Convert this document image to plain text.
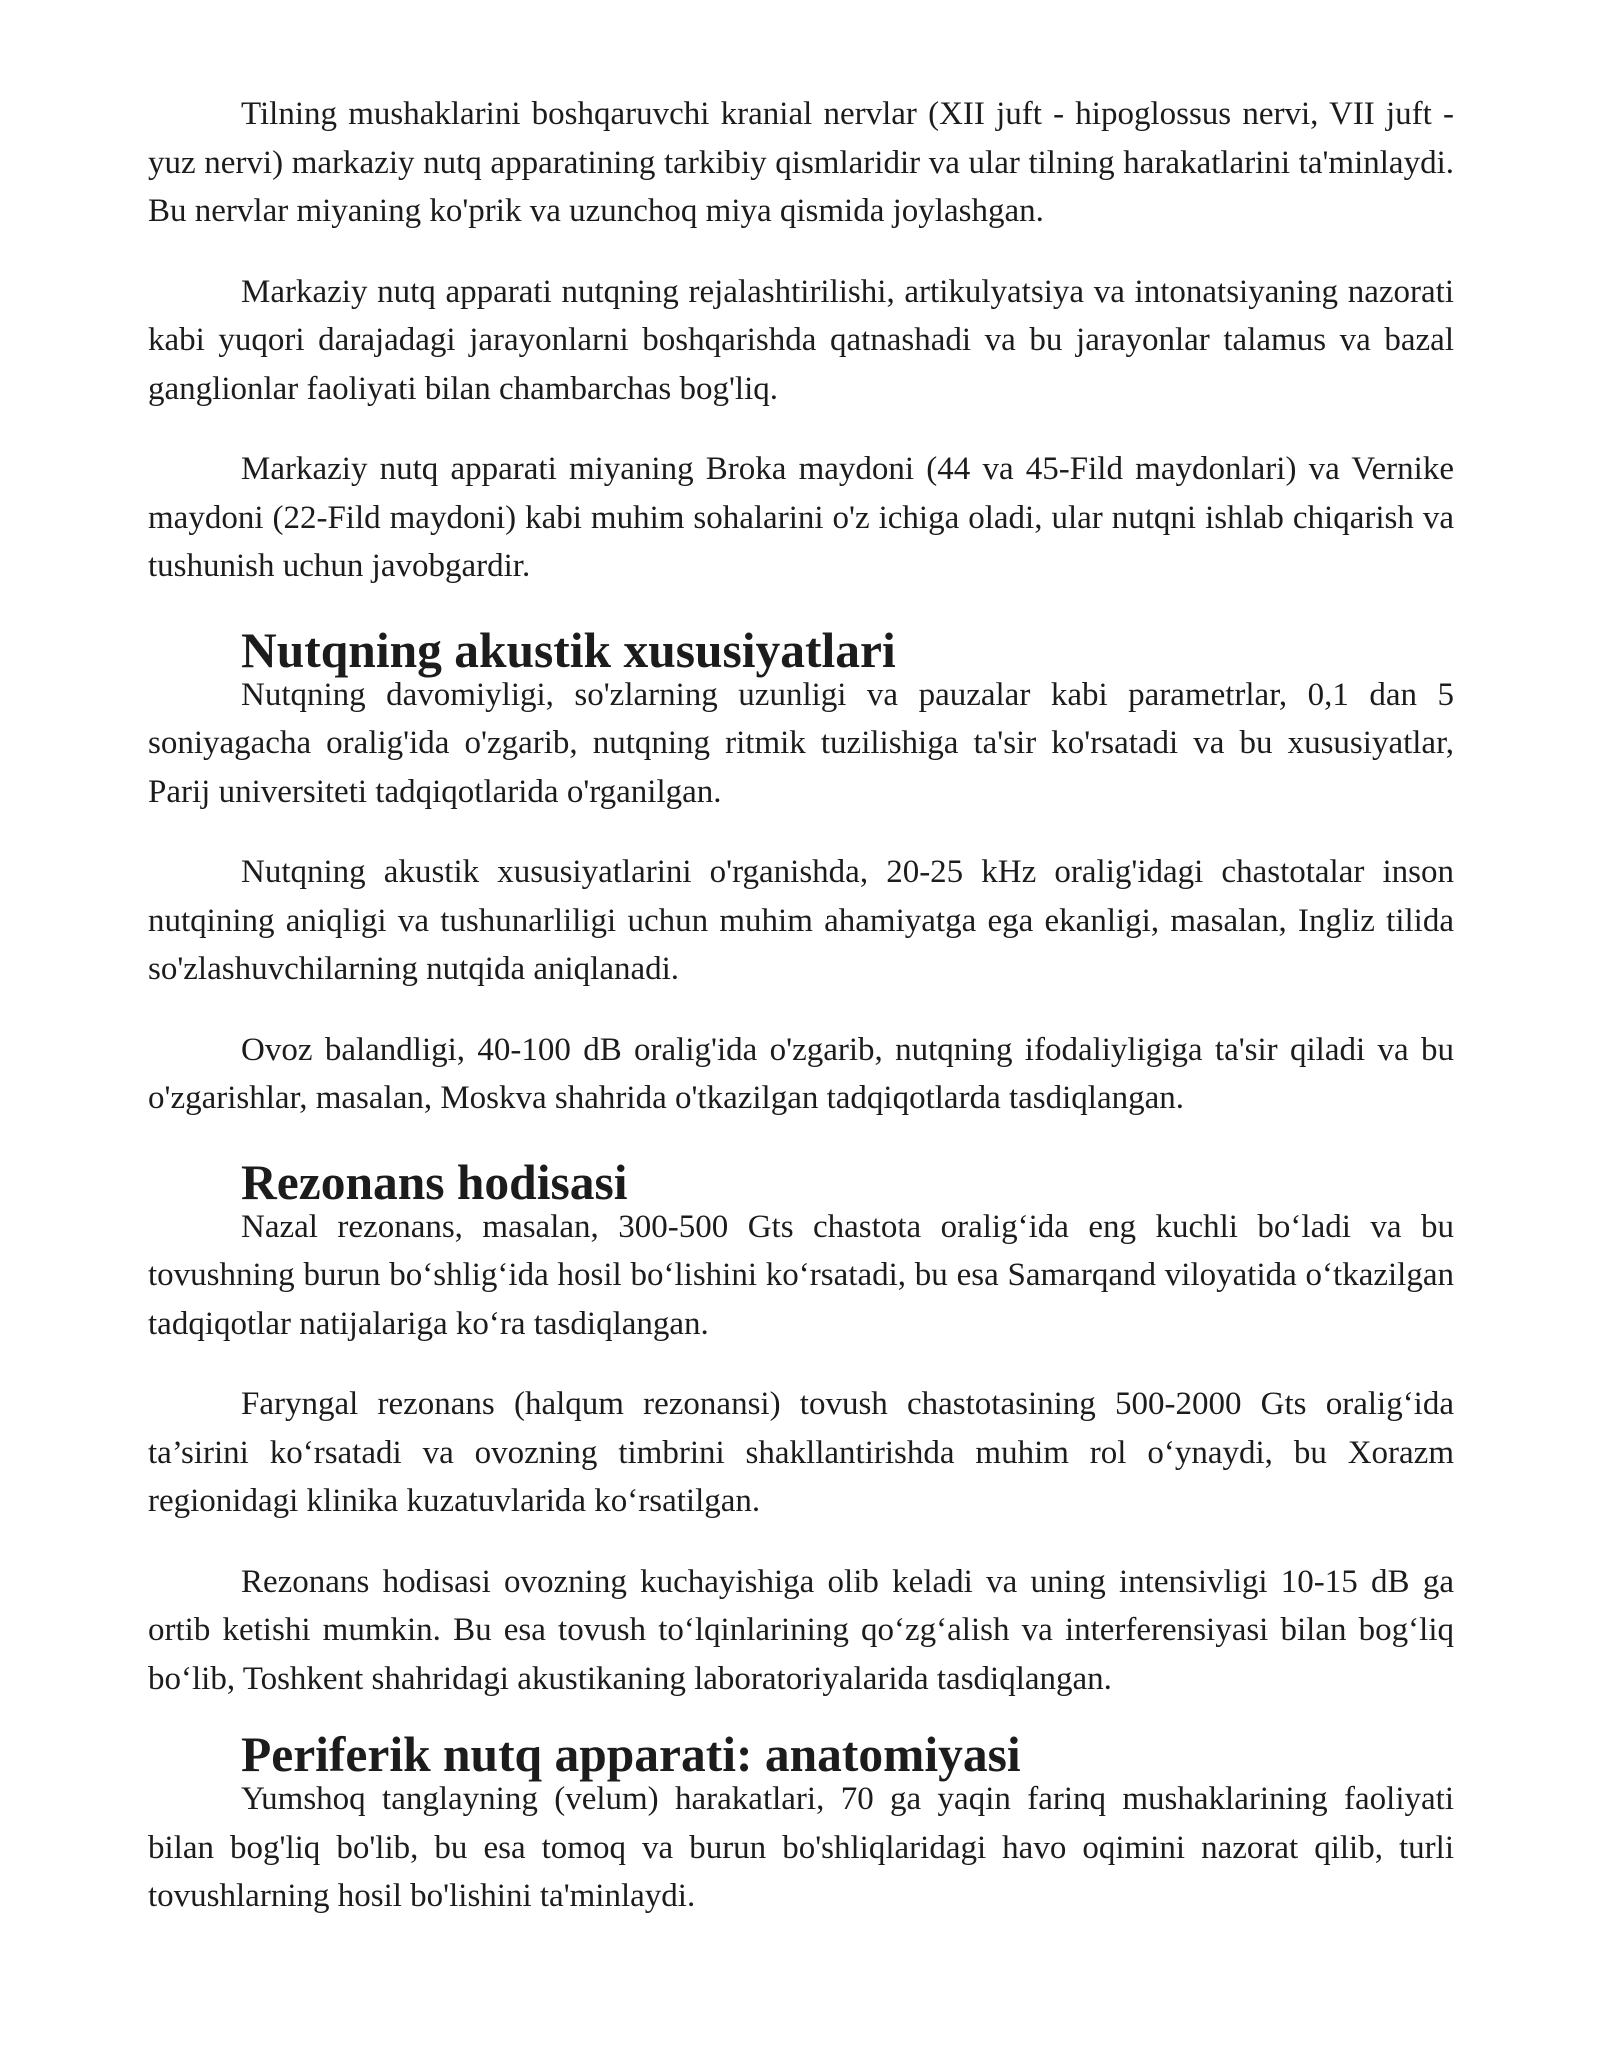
Tilning mushaklarini boshqaruvchi kranial nervlar (XII juft - hipoglossus nervi, VII juft - yuz nervi) markaziy nutq apparatining tarkibiy qismlaridir va ular tilning harakatlarini ta'minlaydi. Bu nervlar miyaning ko'prik va uzunchoq miya qismida joylashgan.

Markaziy nutq apparati nutqning rejalashtirilishi, artikulyatsiya va intonatsiyaning nazorati kabi yuqori darajadagi jarayonlarni boshqarishda qatnashadi va bu jarayonlar talamus va bazal ganglionlar faoliyati bilan chambarchas bog'liq.

Markaziy nutq apparati miyaning Broka maydoni (44 va 45-Fild maydonlari) va Vernike maydoni (22-Fild maydoni) kabi muhim sohalarini o'z ichiga oladi, ular nutqni ishlab chiqarish va tushunish uchun javobgardir.

Nutqning akustik xususiyatlari

Nutqning davomiyligi, so'zlarning uzunligi va pauzalar kabi parametrlar, 0,1 dan 5 soniyagacha oralig'ida o'zgarib, nutqning ritmik tuzilishiga ta'sir ko'rsatadi va bu xususiyatlar, Parij universiteti tadqiqotlarida o'rganilgan.

Nutqning akustik xususiyatlarini o'rganishda, 20-25 kHz oralig'idagi chastotalar inson nutqining aniqligi va tushunarliligi uchun muhim ahamiyatga ega ekanligi, masalan, Ingliz tilida so'zlashuvchilarning nutqida aniqlanadi.

Ovoz balandligi, 40-100 dB oralig'ida o'zgarib, nutqning ifodaliyligiga ta'sir qiladi va bu o'zgarishlar, masalan, Moskva shahrida o'tkazilgan tadqiqotlarda tasdiqlangan.

Rezonans hodisasi

Nazal rezonans, masalan, 300-500 Gts chastota oralig‘ida eng kuchli bo‘ladi va bu tovushning burun bo‘shlig‘ida hosil bo‘lishini ko‘rsatadi, bu esa Samarqand viloyatida o‘tkazilgan tadqiqotlar natijalariga ko‘ra tasdiqlangan.

Faryngal rezonans (halqum rezonansi) tovush chastotasining 500-2000 Gts oralig‘ida ta’sirini ko‘rsatadi va ovozning timbrini shakllantirishda muhim rol o‘ynaydi, bu Xorazm regionidagi klinika kuzatuvlarida ko‘rsatilgan.

Rezonans hodisasi ovozning kuchayishiga olib keladi va uning intensivligi 10-15 dB ga ortib ketishi mumkin. Bu esa tovush to‘lqinlarining qo‘zg‘alish va interferensiyasi bilan bog‘liq bo‘lib, Toshkent shahridagi akustikaning laboratoriyalarida tasdiqlangan.

Periferik nutq apparati: anatomiyasi

Yumshoq tanglayning (velum) harakatlari, 70 ga yaqin farinq mushaklarining faoliyati bilan bog'liq bo'lib, bu esa tomoq va burun bo'shliqlaridagi havo oqimini nazorat qilib, turli tovushlarning hosil bo'lishini ta'minlaydi.
